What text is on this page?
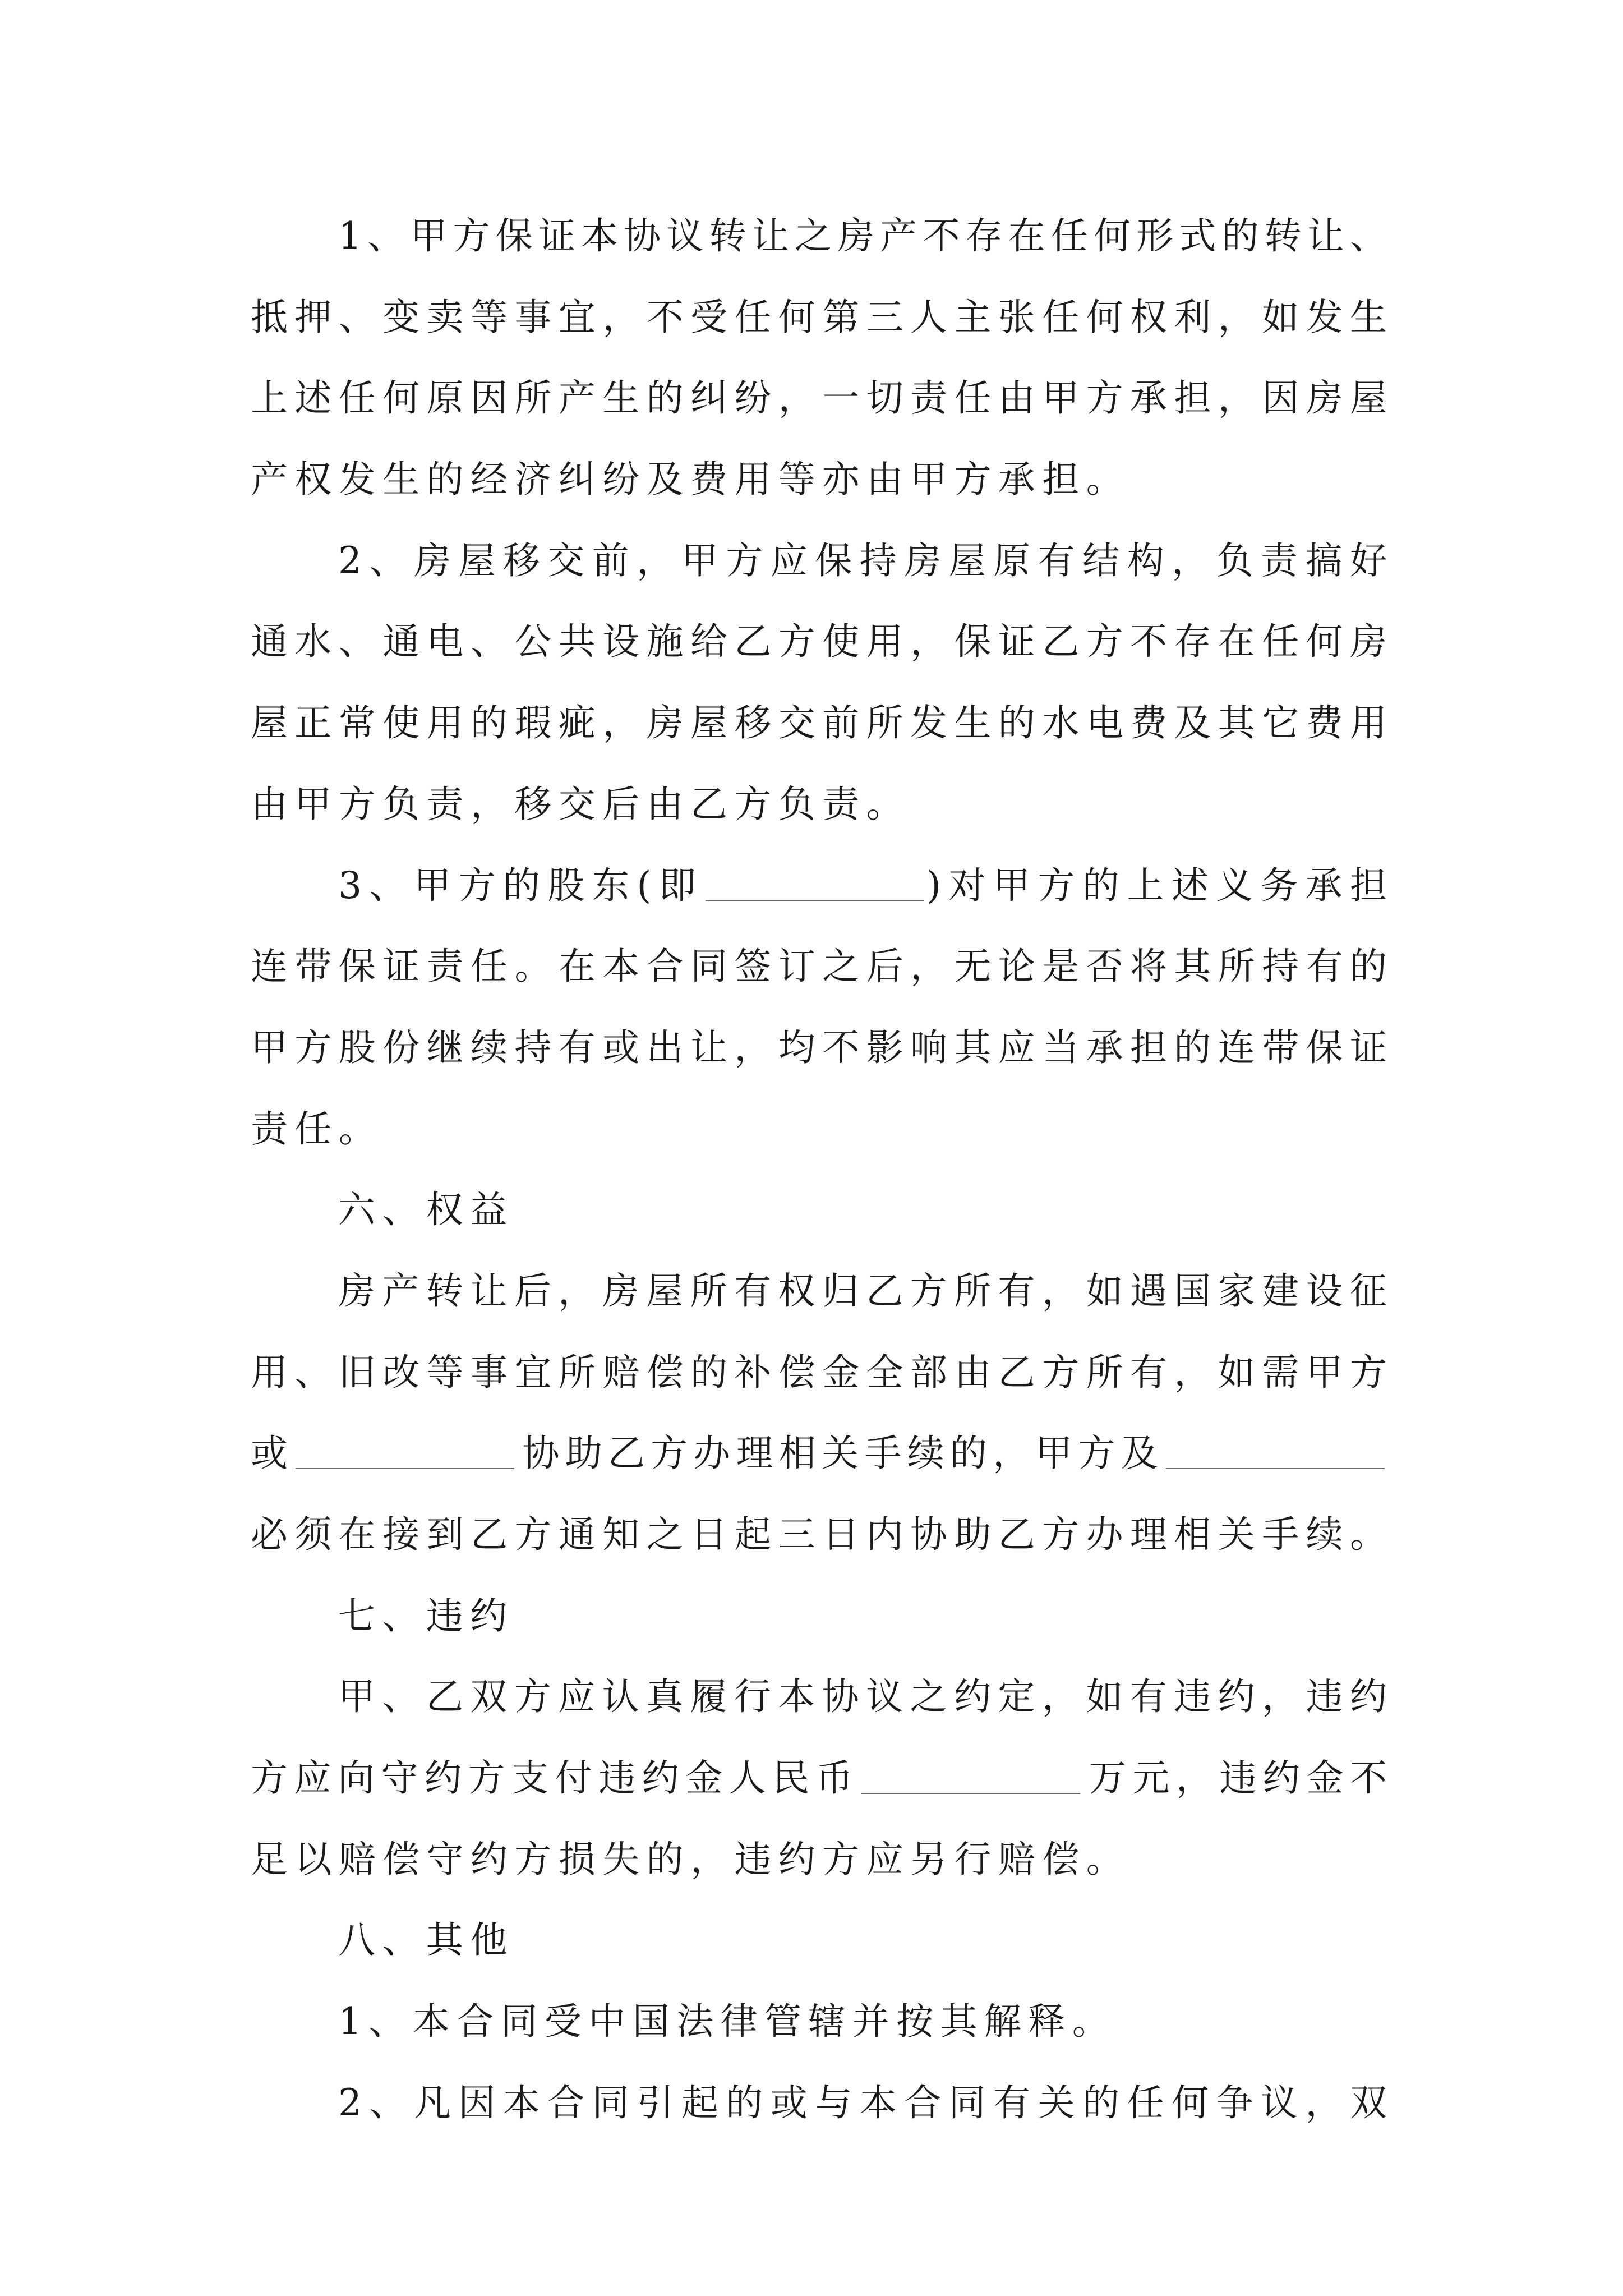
1、甲方保证本协议转让之房产不存在任何形式的转让、
抵押、变卖等事宜，不受任何第三人主张任何权利，如发生
上述任何原因所产生的纠纷，一切责任由甲方承担，因房屋
产权发生的经济纠纷及费用等亦由甲方承担。
2、房屋移交前，甲方应保持房屋原有结构，负责搞好
通水、通电、公共设施给乙方使用，保证乙方不存在任何房
屋正常使用的瑕疵，房屋移交前所发生的水电费及其它费用
由甲方负责，移交后由乙方负责。
3、甲方的股东(即	)对甲方的上述义务承担
连带保证责任。在本合同签订之后，无论是否将其所持有的
甲方股份继续持有或出让，均不影响其应当承担的连带保证
责任。
六、权益
房产转让后，房屋所有权归乙方所有，如遇国家建设征
用、旧改等事宜所赔偿的补偿金全部由乙方所有，如需甲方
或	协助乙方办理相关手续的，甲方及
必须在接到乙方通知之日起三日内协助乙方办理相关手续。
七、违约
甲、乙双方应认真履行本协议之约定，如有违约，违约
方应向守约方支付违约金人民币	万元，违约金不
足以赔偿守约方损失的，违约方应另行赔偿。
八、其他
1、本合同受中国法律管辖并按其解释。
2、凡因本合同引起的或与本合同有关的任何争议，双
